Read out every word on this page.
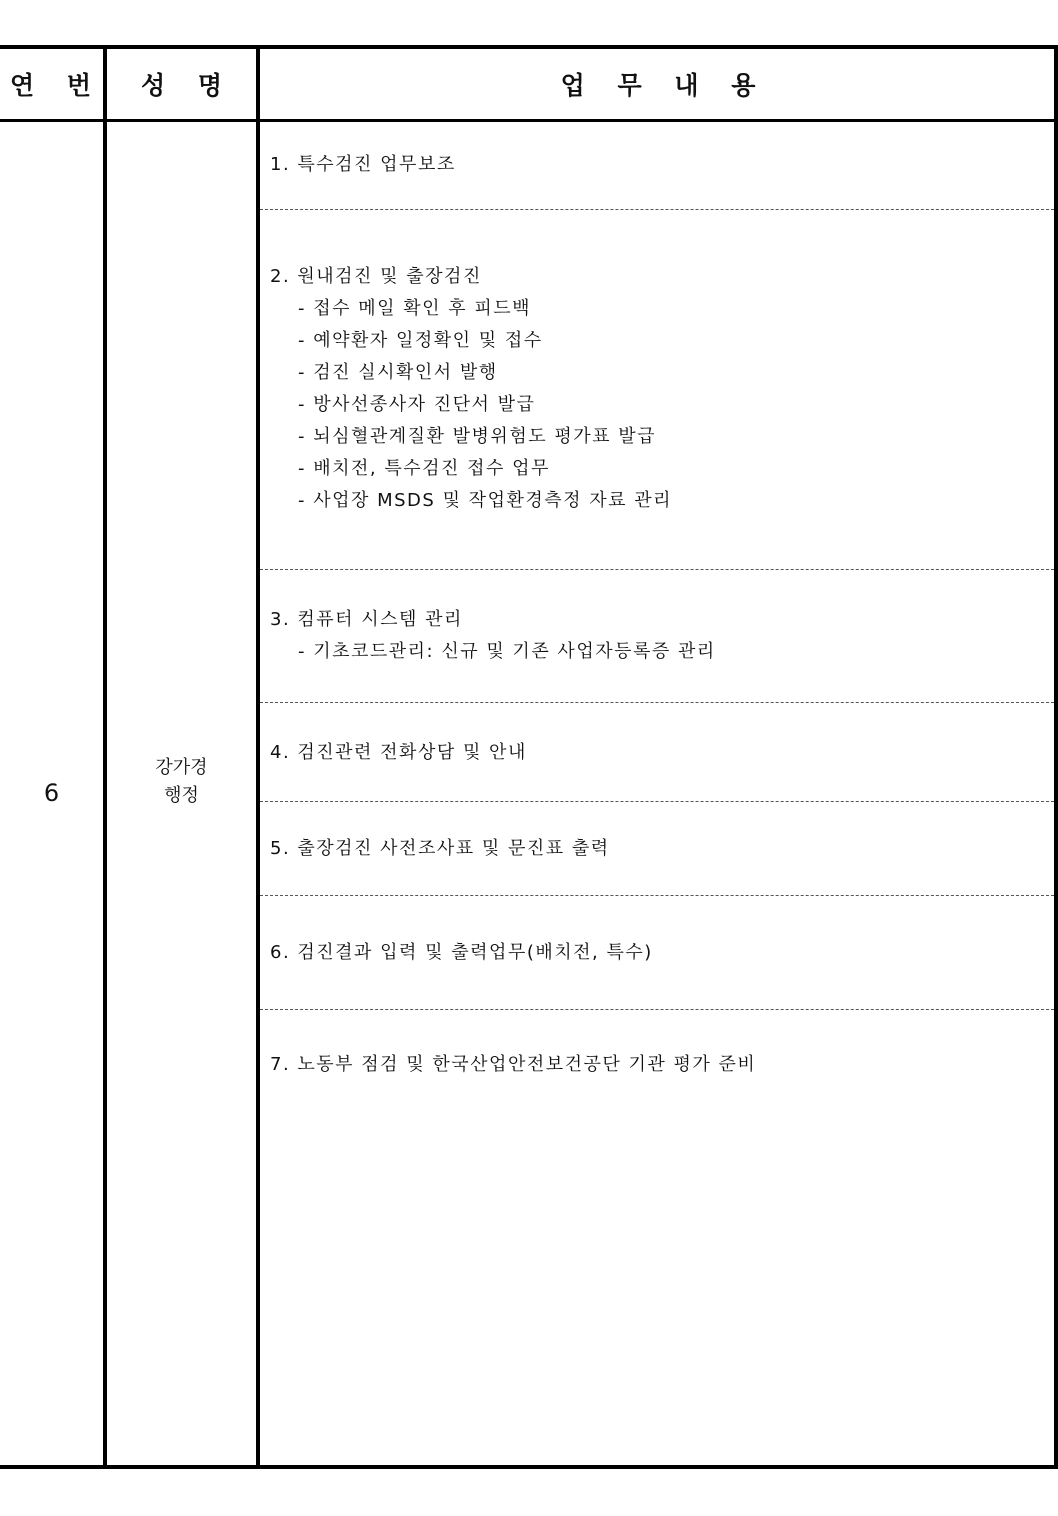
연 번	성 명	업 무 내 용
6
강가경
행정
1. 특수검진 업무보조
2. 원내검진 및 출장검진
- 접수 메일 확인 후 피드백
- 예약환자 일정확인 및 접수
- 검진 실시확인서 발행
- 방사선종사자 진단서 발급
- 뇌심혈관계질환 발병위험도 평가표 발급
- 배치전, 특수검진 접수 업무
- 사업장 MSDS 및 작업환경측정 자료 관리
3. 컴퓨터 시스템 관리
- 기초코드관리: 신규 및 기존 사업자등록증 관리
4. 검진관련 전화상담 및 안내
5. 출장검진 사전조사표 및 문진표 출력
6. 검진결과 입력 및 출력업무(배치전, 특수)
7. 노동부 점검 및 한국산업안전보건공단 기관 평가 준비
